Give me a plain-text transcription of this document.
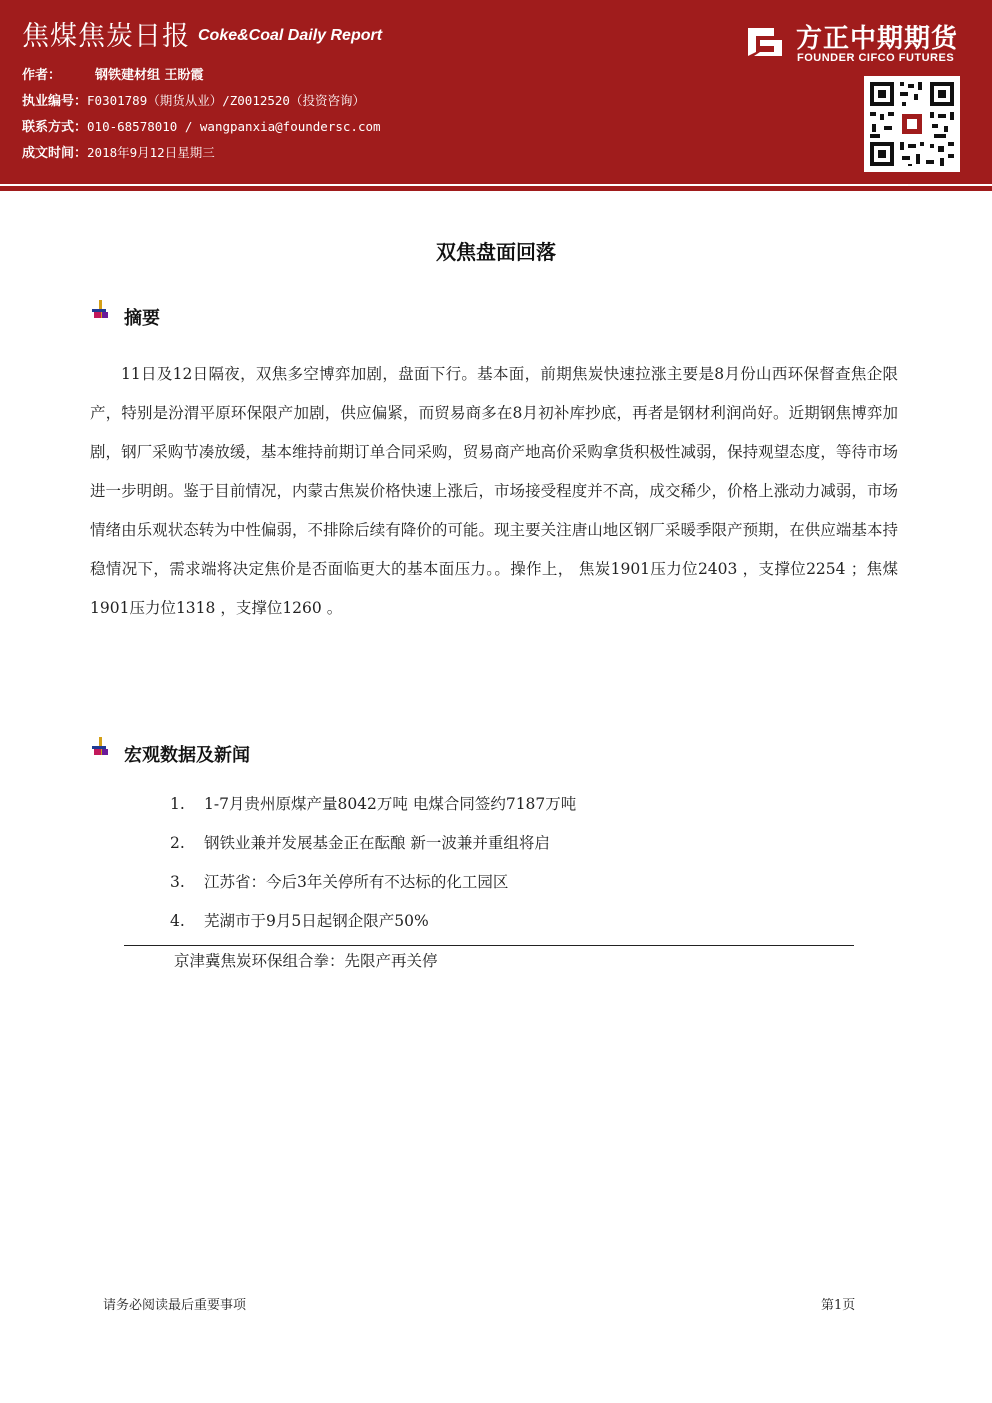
焦煤焦炭日报 Coke&Coal Daily Report
作者：	钢铁建材组 王盼霞
执业编号：F0301789（期货从业）/Z0012520（投资咨询）
联系方式：010-68578010 / wangpanxia@foundersc.com
成文时间：2018年9月12日星期三
方正中期期货
FOUNDER CIFCO FUTURES
双焦盘面回落
摘要
11日及12日隔夜，双焦多空博弈加剧，盘面下行。基本面，前期焦炭快速拉涨主要是8月份山西环保督查焦企限产，特别是汾渭平原环保限产加剧，供应偏紧，而贸易商多在8月初补库抄底，再者是钢材利润尚好。近期钢焦博弈加剧，钢厂采购节凑放缓，基本维持前期订单合同采购，贸易商产地高价采购拿货积极性减弱，保持观望态度，等待市场进一步明朗。鉴于目前情况，内蒙古焦炭价格快速上涨后，市场接受程度并不高，成交稀少，价格上涨动力减弱，市场情绪由乐观状态转为中性偏弱，不排除后续有降价的可能。现主要关注唐山地区钢厂采暖季限产预期，在供应端基本持稳情况下，需求端将决定焦价是否面临更大的基本面压力。。操作上， 焦炭1901压力位2403 ，支撑位2254 ；焦煤1901压力位1318 ，支撑位1260 。
宏观数据及新闻
1. 1-7月贵州原煤产量8042万吨 电煤合同签约7187万吨
2. 钢铁业兼并发展基金正在酝酿 新一波兼并重组将启
3. 江苏省：今后3年关停所有不达标的化工园区
4. 芜湖市于9月5日起钢企限产50%
京津冀焦炭环保组合拳：先限产再关停
请务必阅读最后重要事项	第1页
